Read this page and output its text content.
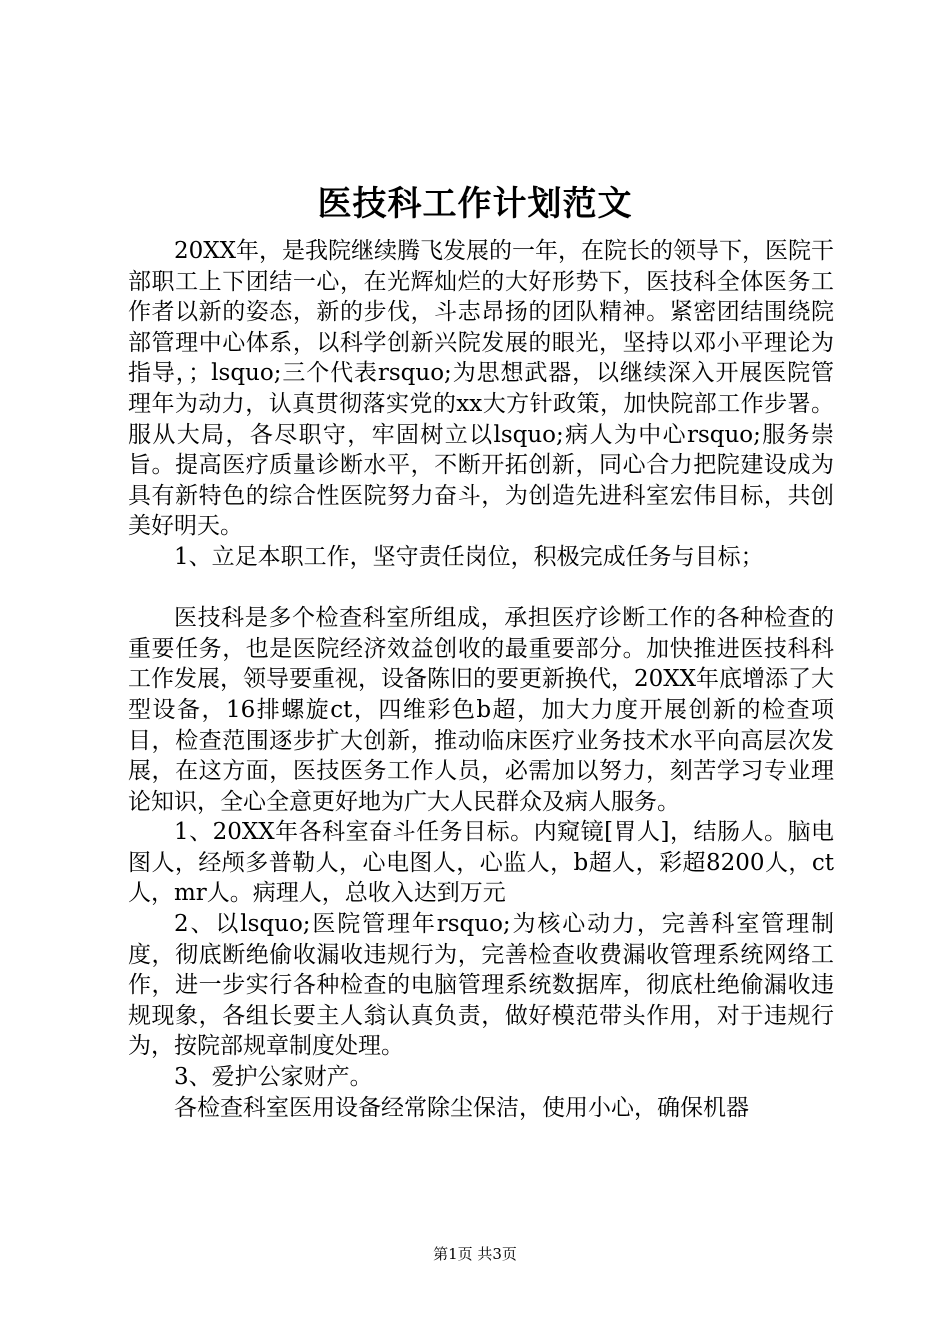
医技科工作计划范文

20XX年，是我院继续腾飞发展的一年，在院长的领导下，医院干部职工上下团结一心，在光辉灿烂的大好形势下，医技科全体医务工作者以新的姿态，新的步伐，斗志昂扬的团队精神。紧密团结围绕院部管理中心体系，以科学创新兴院发展的眼光，坚持以邓小平理论为指导，；lsquo;三个代表rsquo;为思想武器，以继续深入开展医院管理年为动力，认真贯彻落实党的xx大方针政策，加快院部工作步署。服从大局，各尽职守，牢固树立以lsquo;病人为中心rsquo;服务崇旨。提高医疗质量诊断水平，不断开拓创新，同心合力把院建设成为具有新特色的综合性医院努力奋斗，为创造先进科室宏伟目标，共创美好明天。

1、立足本职工作，坚守责任岗位，积极完成任务与目标；

医技科是多个检查科室所组成，承担医疗诊断工作的各种检查的重要任务，也是医院经济效益创收的最重要部分。加快推进医技科科工作发展，领导要重视，设备陈旧的要更新换代，20XX年底增添了大型设备，16排螺旋ct，四维彩色b超，加大力度开展创新的检查项目，检查范围逐步扩大创新，推动临床医疗业务技术水平向高层次发展，在这方面，医技医务工作人员，必需加以努力，刻苦学习专业理论知识，全心全意更好地为广大人民群众及病人服务。

1、20XX年各科室奋斗任务目标。内窥镜[胃人]，结肠人。脑电图人，经颅多普勒人，心电图人，心监人，b超人，彩超8200人，ct人，mr人。病理人，总收入达到万元

2、以lsquo;医院管理年rsquo;为核心动力，完善科室管理制度，彻底断绝偷收漏收违规行为，完善检查收费漏收管理系统网络工作，进一步实行各种检查的电脑管理系统数据库，彻底杜绝偷漏收违规现象，各组长要主人翁认真负责，做好模范带头作用，对于违规行为，按院部规章制度处理。

3、爱护公家财产。

各检查科室医用设备经常除尘保洁，使用小心，确保机器

第1页 共3页
